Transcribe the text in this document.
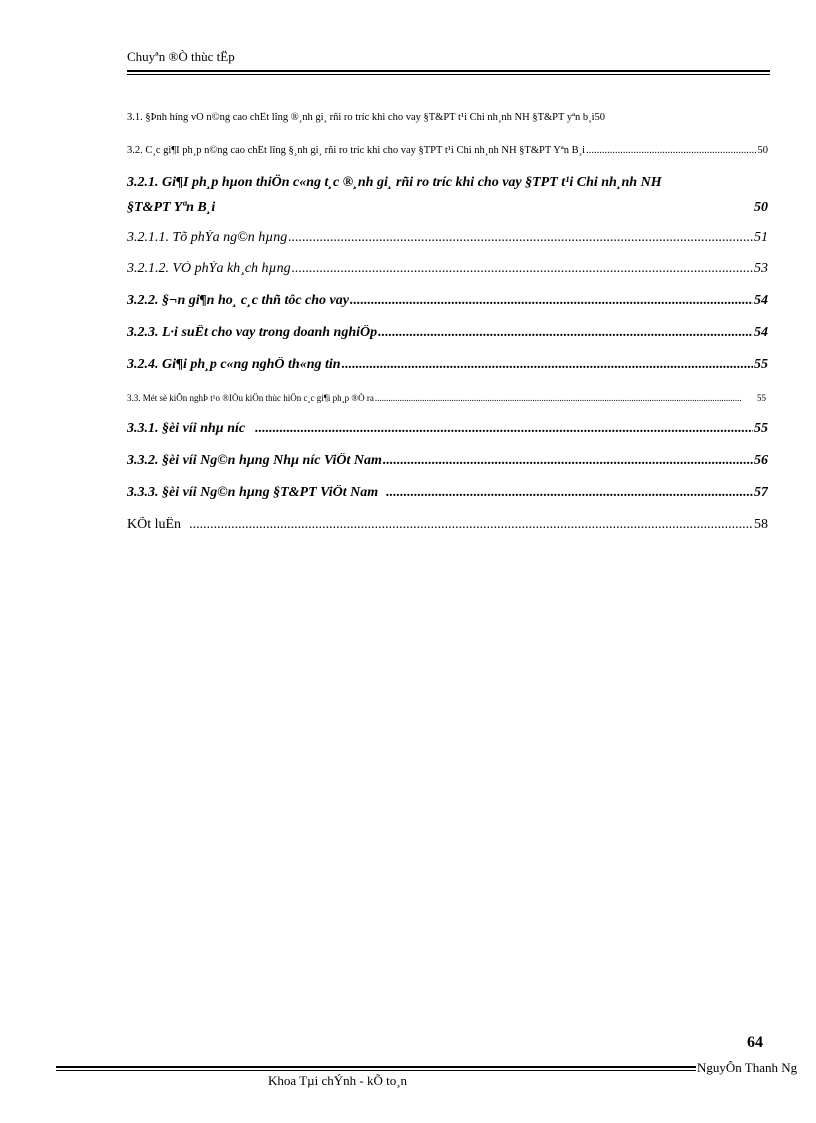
Chuyªn ®Ò thùc tËp
3.1. §Þnh híng vÒ n©ng cao chÊt lîng ®¸nh gi¸ rñi ro tríc khi cho vay §T&PT t¹i Chi nh¸nh NH §T&PT yªn b¸i 50
3.2. C¸c gi¶I ph¸p n©ng cao chÊt lîng §¸nh gi¸ rñi ro tríc khi cho vay §TPT t¹i Chi nh¸nh NH §T&PT Yªn B¸i .....	50
3.2.1. Gi¶I ph¸p hµon thiÖn c«ng t¸c ®¸nh gi¸ rñi ro tríc khi cho vay §TPT t¹i Chi nh¸nh NH
§T&PT Yªn B¸i	50
3.2.1.1. Tõ phÝa ng©n hµng .....	51
3.2.1.2. VÒ phÝa kh¸ch hµng .....	53
3.2.2. §¬n gi¶n ho¸ c¸c thñ tôc cho vay .....	54
3.2.3. L·i suÊt cho vay trong doanh nghiÖp .....	54
3.2.4. Gi¶i ph¸p c«ng nghÖ th«ng tin .....	55
3.3. Mét sè kiÕn nghÞ t¹o ®IÒu kiÖn thùc hiÖn c¸c gi¶i ph¸p ®Ò ra .....	55
3.3.1. §èi víi nhµ níc .....	55
3.3.2. §èi víi Ng©n hµng Nhµ níc ViÖt Nam .....	56
3.3.3. §èi víi Ng©n hµng §T&PT ViÖt Nam .....	57
KÕt luËn .....	58
64
NguyÔn Thanh Ng
Khoa Tµi chÝnh - kÕ to¸n
